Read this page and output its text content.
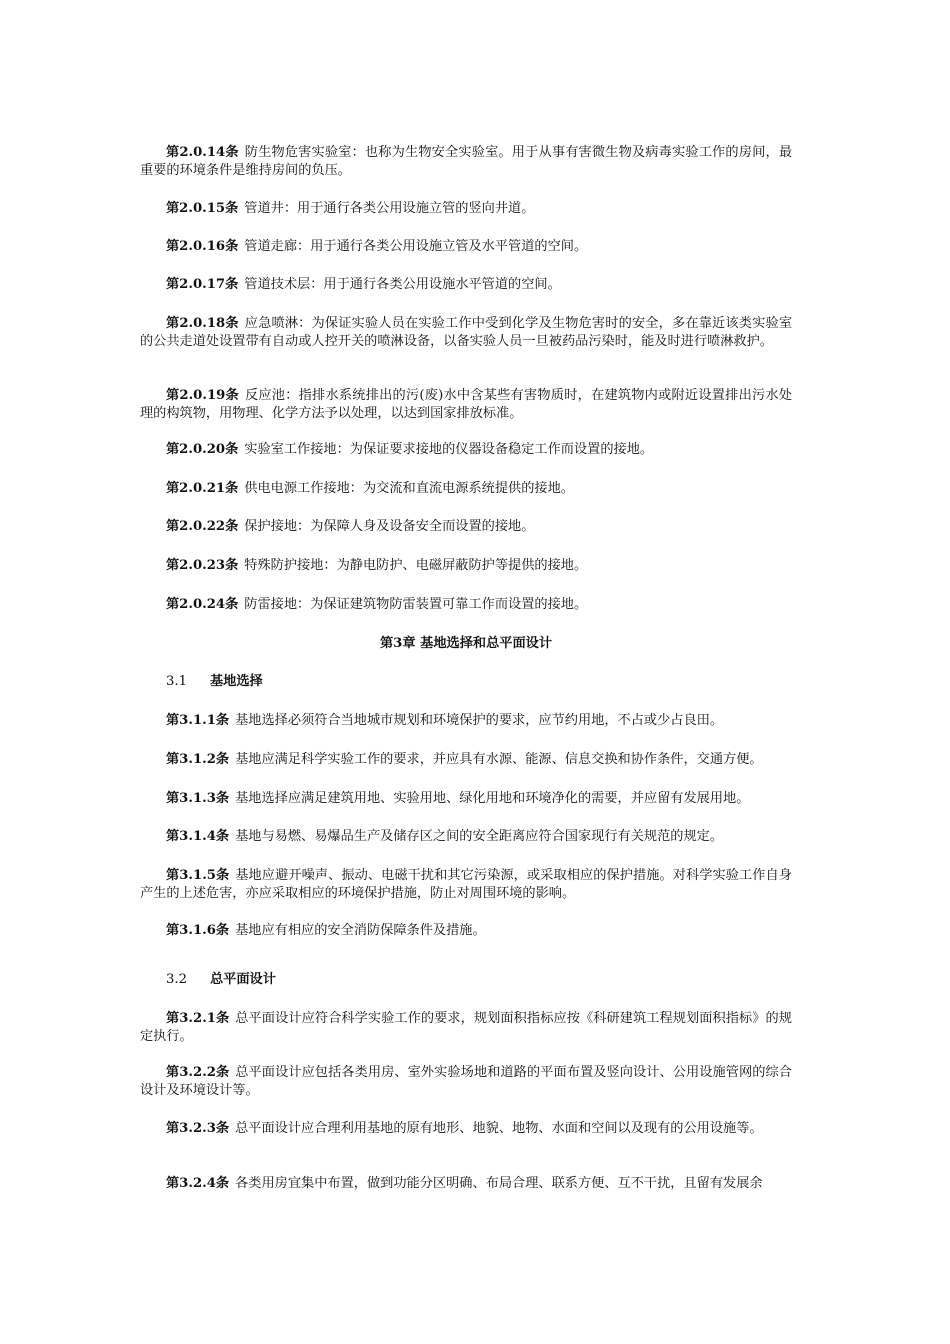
第2.0.14条 防生物危害实验室：也称为生物安全实验室。用于从事有害微生物及病毒实验工作的房间，最重要的环境条件是维持房间的负压。

第2.0.15条 管道井：用于通行各类公用设施立管的竖向井道。

第2.0.16条 管道走廊：用于通行各类公用设施立管及水平管道的空间。

第2.0.17条 管道技术层：用于通行各类公用设施水平管道的空间。

第2.0.18条 应急喷淋：为保证实验人员在实验工作中受到化学及生物危害时的安全，多在靠近该类实验室的公共走道处设置带有自动或人控开关的喷淋设备，以备实验人员一旦被药品污染时，能及时进行喷淋救护。

第2.0.19条 反应池：指排水系统排出的污(废)水中含某些有害物质时，在建筑物内或附近设置排出污水处理的构筑物，用物理、化学方法予以处理，以达到国家排放标准。

第2.0.20条 实验室工作接地：为保证要求接地的仪器设备稳定工作而设置的接地。

第2.0.21条 供电电源工作接地：为交流和直流电源系统提供的接地。

第2.0.22条 保护接地：为保障人身及设备安全而设置的接地。

第2.0.23条 特殊防护接地：为静电防护、电磁屏蔽防护等提供的接地。

第2.0.24条 防雷接地：为保证建筑物防雷装置可靠工作而设置的接地。

第3章 基地选择和总平面设计

3.1 基地选择

第3.1.1条 基地选择必须符合当地城市规划和环境保护的要求，应节约用地，不占或少占良田。

第3.1.2条 基地应满足科学实验工作的要求，并应具有水源、能源、信息交换和协作条件，交通方便。

第3.1.3条 基地选择应满足建筑用地、实验用地、绿化用地和环境净化的需要，并应留有发展用地。

第3.1.4条 基地与易燃、易爆品生产及储存区之间的安全距离应符合国家现行有关规范的规定。

第3.1.5条 基地应避开噪声、振动、电磁干扰和其它污染源，或采取相应的保护措施。对科学实验工作自身产生的上述危害，亦应采取相应的环境保护措施，防止对周围环境的影响。

第3.1.6条 基地应有相应的安全消防保障条件及措施。

3.2 总平面设计

第3.2.1条 总平面设计应符合科学实验工作的要求，规划面积指标应按《科研建筑工程规划面积指标》的规定执行。

第3.2.2条 总平面设计应包括各类用房、室外实验场地和道路的平面布置及竖向设计、公用设施管网的综合设计及环境设计等。

第3.2.3条 总平面设计应合理利用基地的原有地形、地貌、地物、水面和空间以及现有的公用设施等。

第3.2.4条 各类用房宜集中布置，做到功能分区明确、布局合理、联系方便、互不干扰，且留有发展余
